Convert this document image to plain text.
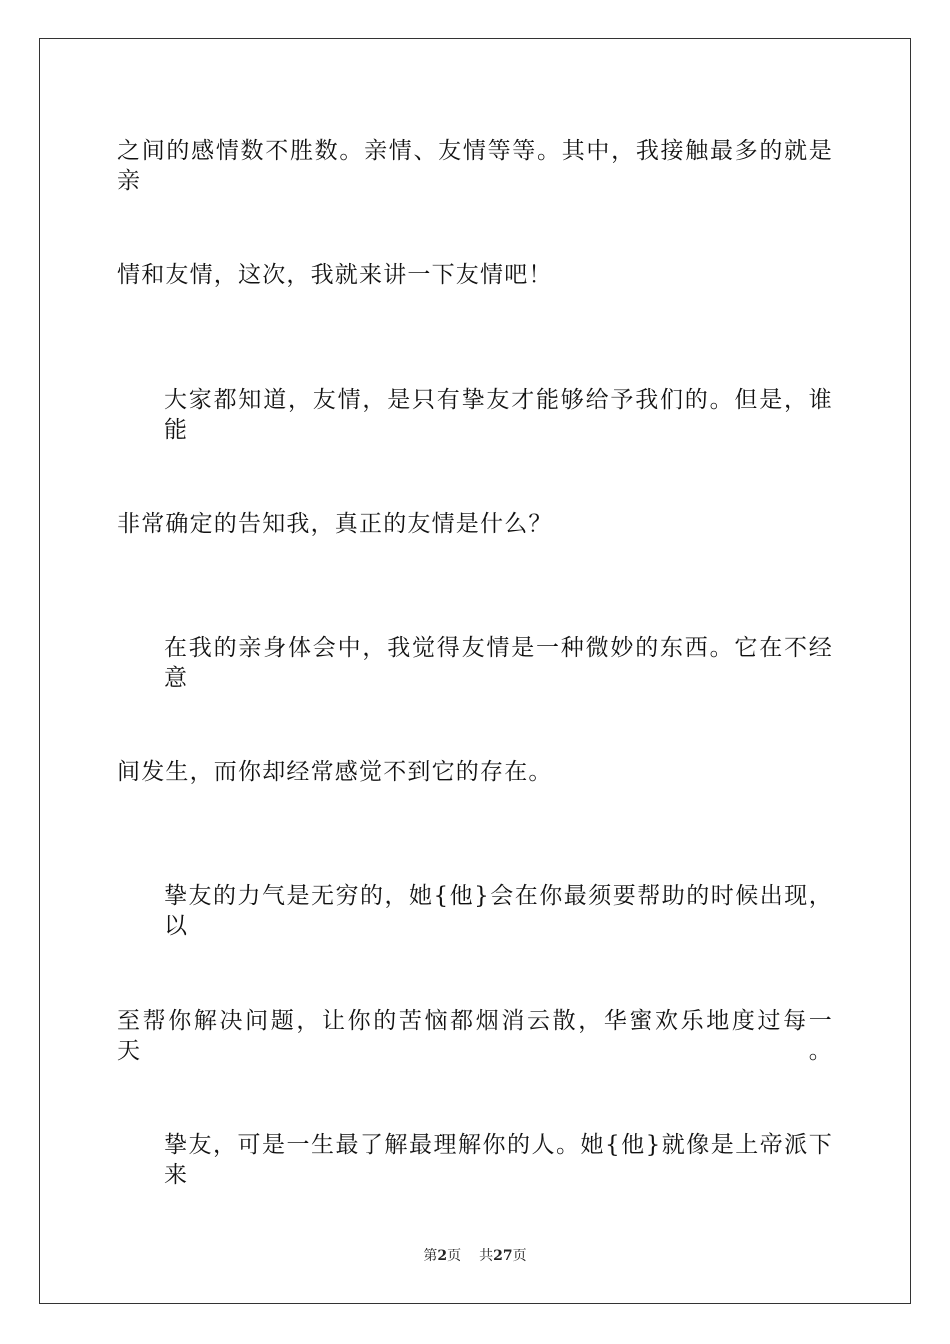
之间的感情数不胜数。亲情、友情等等。其中，我接触最多的就是亲
情和友情，这次，我就来讲一下友情吧！
大家都知道，友情，是只有挚友才能够给予我们的。但是，谁能
非常确定的告知我，真正的友情是什么？
在我的亲身体会中，我觉得友情是一种微妙的东西。它在不经意
间发生，而你却经常感觉不到它的存在。
挚友的力气是无穷的，她{他}会在你最须要帮助的时候出现，以
至帮你解决问题，让你的苦恼都烟消云散，华蜜欢乐地度过每一天。
挚友，可是一生最了解最理解你的人。她{他}就像是上帝派下来
第2页 共27页
